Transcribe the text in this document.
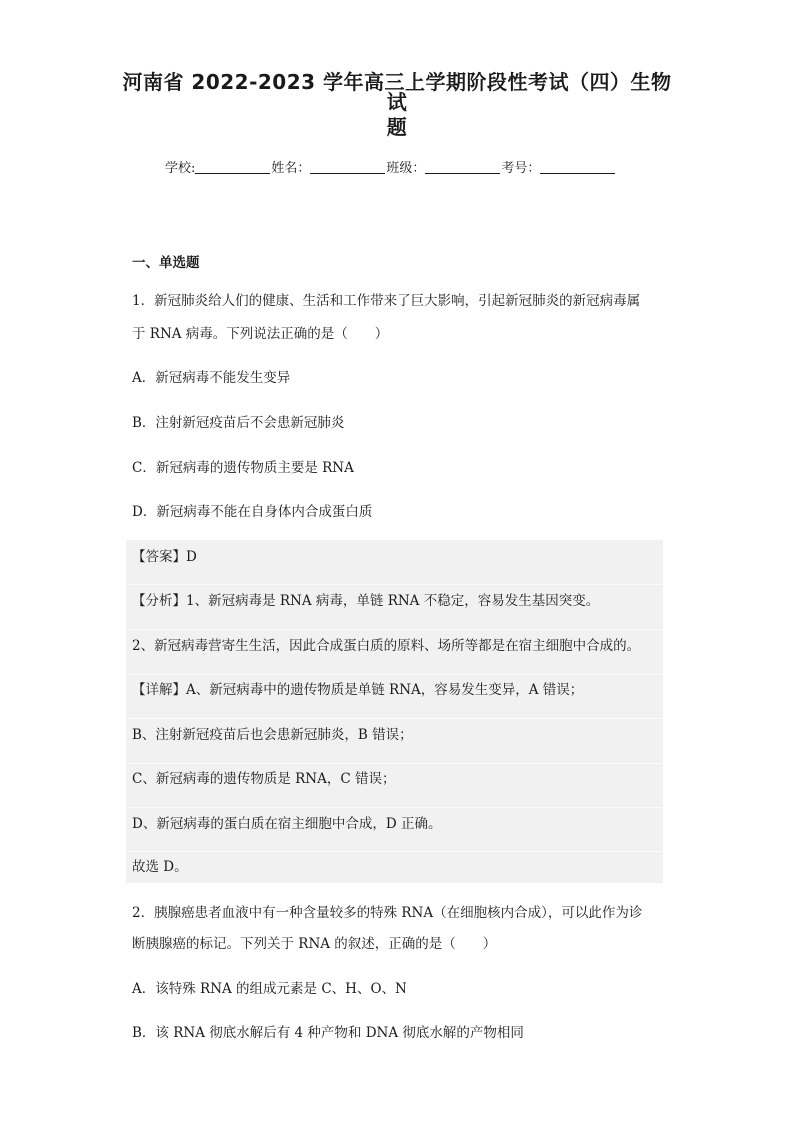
河南省 2022-2023 学年高三上学期阶段性考试（四）生物试
题
学校:	姓名：	班级：	考号：
一、单选题
1．新冠肺炎给人们的健康、生活和工作带来了巨大影响，引起新冠肺炎的新冠病毒属
于 RNA 病毒。下列说法正确的是（　　）
A．新冠病毒不能发生变异
B．注射新冠疫苗后不会患新冠肺炎
C．新冠病毒的遗传物质主要是 RNA
D．新冠病毒不能在自身体内合成蛋白质
【答案】D
【分析】1、新冠病毒是 RNA 病毒，单链 RNA 不稳定，容易发生基因突变。
2、新冠病毒营寄生生活，因此合成蛋白质的原料、场所等都是在宿主细胞中合成的。
【详解】A、新冠病毒中的遗传物质是单链 RNA，容易发生变异，A 错误；
B、注射新冠疫苗后也会患新冠肺炎，B 错误；
C、新冠病毒的遗传物质是 RNA，C 错误；
D、新冠病毒的蛋白质在宿主细胞中合成，D 正确。
故选 D。
2．胰腺癌患者血液中有一种含量较多的特殊 RNA（在细胞核内合成），可以此作为诊
断胰腺癌的标记。下列关于 RNA 的叙述，正确的是（　　）
A．该特殊 RNA 的组成元素是 C、H、O、N
B．该 RNA 彻底水解后有 4 种产物和 DNA 彻底水解的产物相同
